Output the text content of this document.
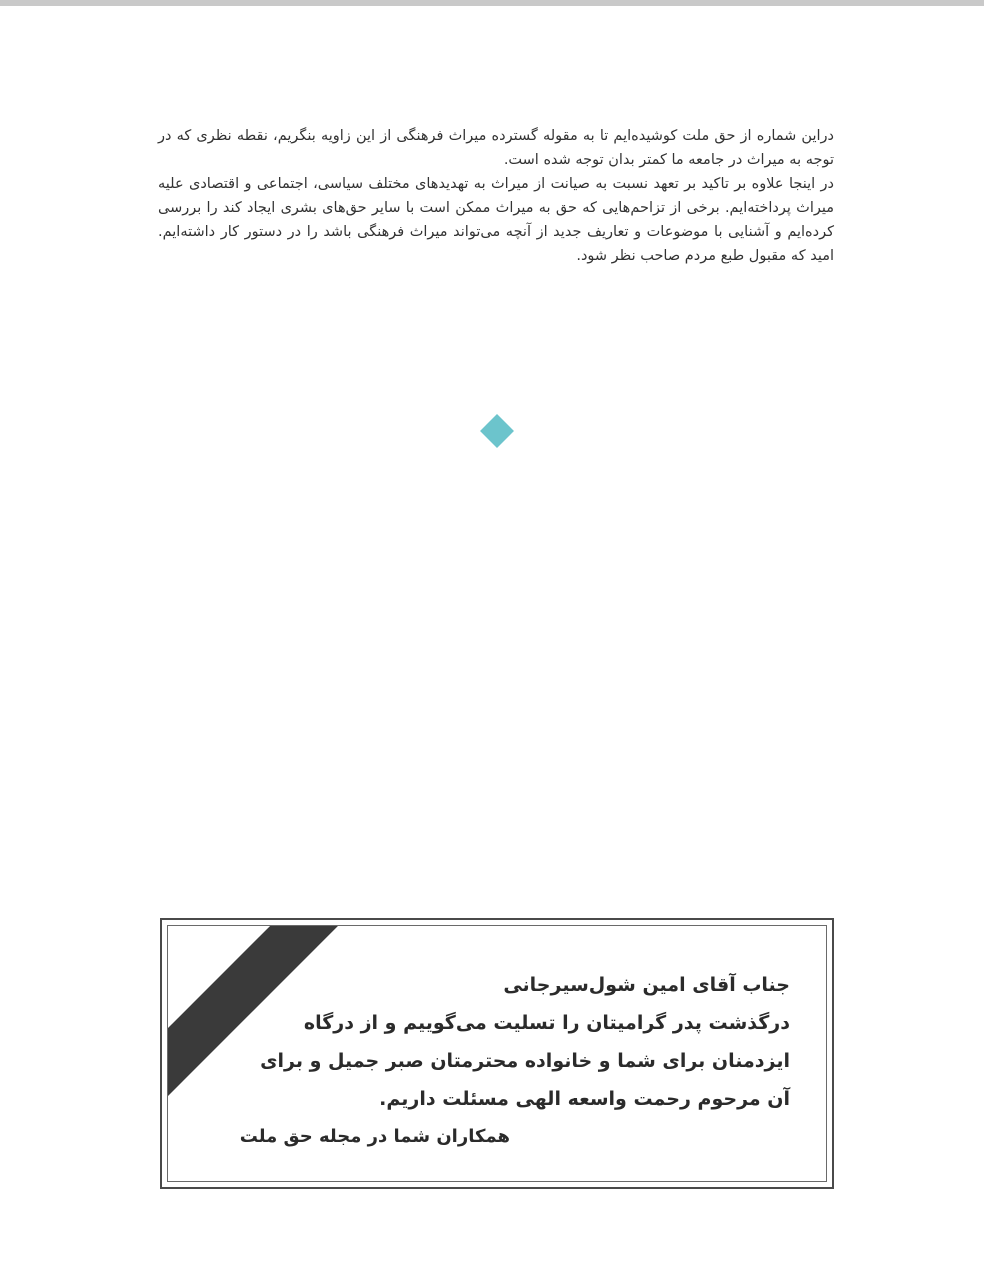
دراین شماره از حق ملت کوشیده‌ایم تا به مقوله گسترده میراث فرهنگی از این زاویه بنگریم، نقطه نظری که در توجه به میراث در جامعه ما کمتر بدان توجه شده است.

در اینجا علاوه بر تاکید بر تعهد نسبت به صیانت از میراث به تهدیدهای مختلف سیاسی، اجتماعی و اقتصادی علیه میراث پرداخته‌ایم. برخی از تزاحم‌هایی که حق به میراث ممکن است با سایر حق‌های بشری ایجاد کند را بررسی کرده‌ایم و آشنایی با موضوعات و تعاریف جدید از آنچه می‌تواند میراث فرهنگی باشد را در دستور کار داشته‌ایم. امید که مقبول طبع مردم صاحب نظر شود.

جناب آقای امین شول‌سیرجانی

درگذشت پدر گرامیتان را تسلیت می‌گوییم و از درگاه ایزدمنان برای شما و خانواده محترمتان صبر جمیل و برای آن مرحوم رحمت واسعه الهی مسئلت داریم.

همکاران شما در مجله حق ملت
